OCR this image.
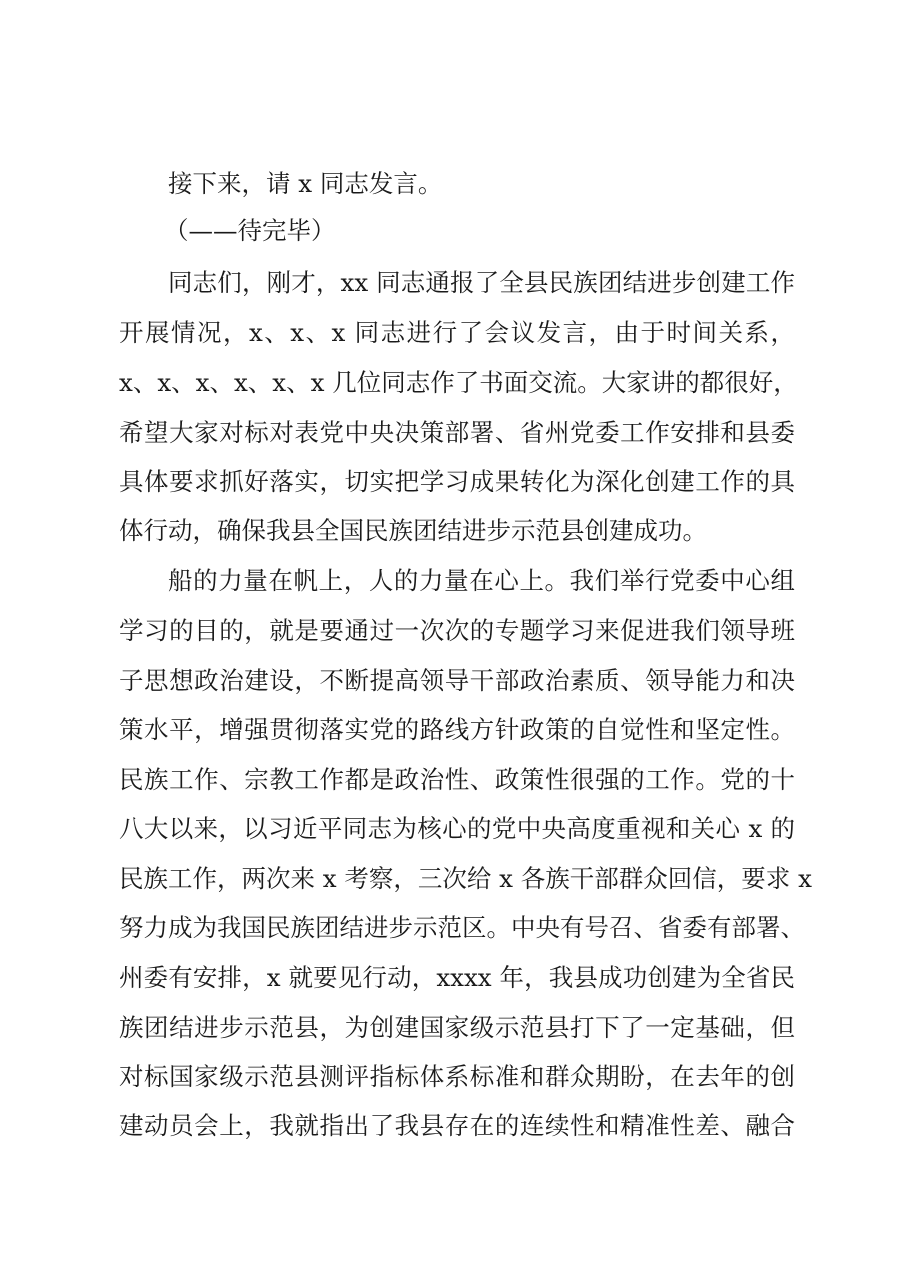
接下来，请 x 同志发言。
（——待完毕）
同志们，刚才，xx 同志通报了全县民族团结进步创建工作
开展情况，x、x、x 同志进行了会议发言，由于时间关系，
x、x、x、x、x、x 几位同志作了书面交流。大家讲的都很好，
希望大家对标对表党中央决策部署、省州党委工作安排和县委
具体要求抓好落实，切实把学习成果转化为深化创建工作的具
体行动，确保我县全国民族团结进步示范县创建成功。
船的力量在帆上，人的力量在心上。我们举行党委中心组
学习的目的，就是要通过一次次的专题学习来促进我们领导班
子思想政治建设，不断提高领导干部政治素质、领导能力和决
策水平，增强贯彻落实党的路线方针政策的自觉性和坚定性。
民族工作、宗教工作都是政治性、政策性很强的工作。党的十
八大以来，以习近平同志为核心的党中央高度重视和关心 x 的
民族工作，两次来 x 考察，三次给 x 各族干部群众回信，要求 x
努力成为我国民族团结进步示范区。中央有号召、省委有部署、
州委有安排，x 就要见行动，xxxx 年，我县成功创建为全省民
族团结进步示范县，为创建国家级示范县打下了一定基础，但
对标国家级示范县测评指标体系标准和群众期盼，在去年的创
建动员会上，我就指出了我县存在的连续性和精准性差、融合
